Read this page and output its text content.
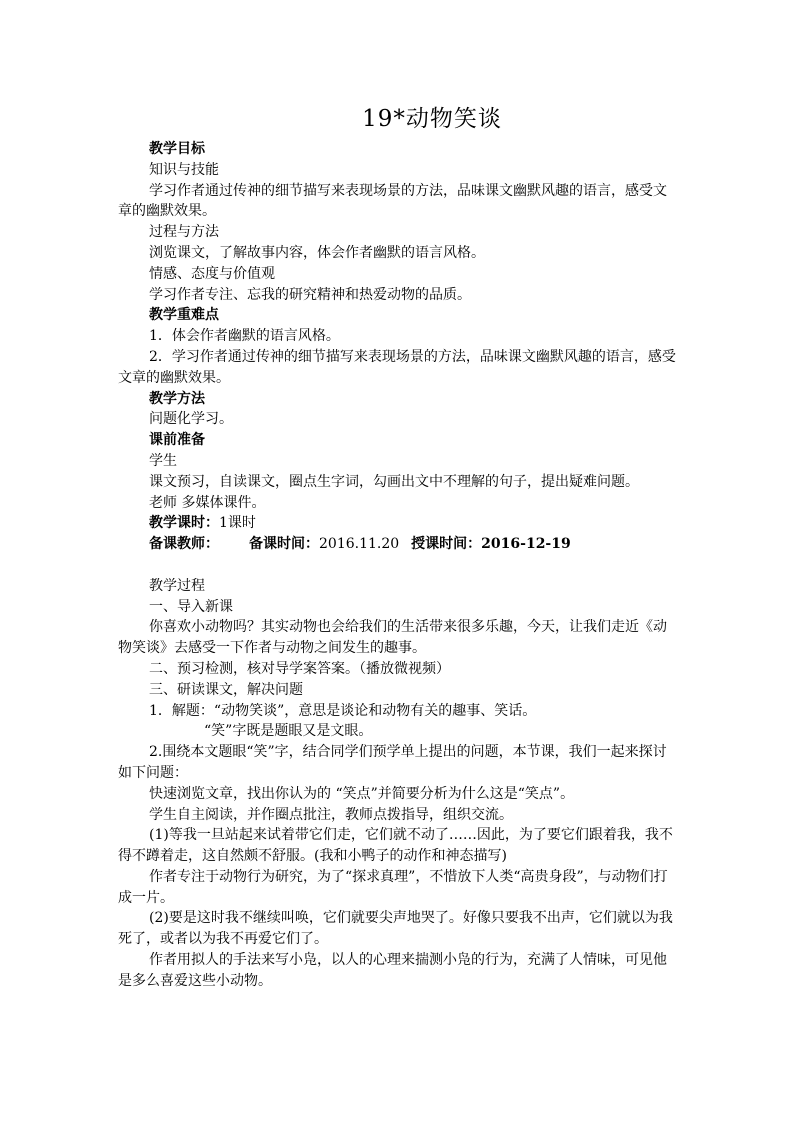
19*动物笑谈

教学目标

知识与技能

学习作者通过传神的细节描写来表现场景的方法，品味课文幽默风趣的语言，感受文章的幽默效果。

过程与方法

浏览课文，了解故事内容，体会作者幽默的语言风格。

情感、态度与价值观

学习作者专注、忘我的研究精神和热爱动物的品质。

教学重难点

1．体会作者幽默的语言风格。

2．学习作者通过传神的细节描写来表现场景的方法，品味课文幽默风趣的语言，感受文章的幽默效果。

教学方法

问题化学习。

课前准备

学生

课文预习，自读课文，圈点生字词，勾画出文中不理解的句子，提出疑难问题。

老师 多媒体课件。

教学课时：1课时

备课教师： 备课时间：2016.11.20 授课时间：2016-12-19

教学过程

一、导入新课

你喜欢小动物吗？其实动物也会给我们的生活带来很多乐趣，今天，让我们走近《动物笑谈》去感受一下作者与动物之间发生的趣事。

二、预习检测，核对导学案答案。（播放微视频）

三、研读课文，解决问题

1．解题：“动物笑谈”，意思是谈论和动物有关的趣事、笑话。

“笑”字既是题眼又是文眼。

2.围绕本文题眼“笑”字，结合同学们预学单上提出的问题，本节课，我们一起来探讨如下问题：

快速浏览文章，找出你认为的 “笑点”并简要分析为什么这是“笑点”。

学生自主阅读，并作圈点批注，教师点拨指导，组织交流。

(1)等我一旦站起来试着带它们走，它们就不动了……因此，为了要它们跟着我，我不得不蹲着走，这自然颇不舒服。(我和小鸭子的动作和神态描写)

作者专注于动物行为研究，为了“探求真理”，不惜放下人类“高贵身段”，与动物们打成一片。

(2)要是这时我不继续叫唤，它们就要尖声地哭了。好像只要我不出声，它们就以为我死了，或者以为我不再爱它们了。

作者用拟人的手法来写小凫，以人的心理来揣测小凫的行为，充满了人情味，可见他是多么喜爱这些小动物。
